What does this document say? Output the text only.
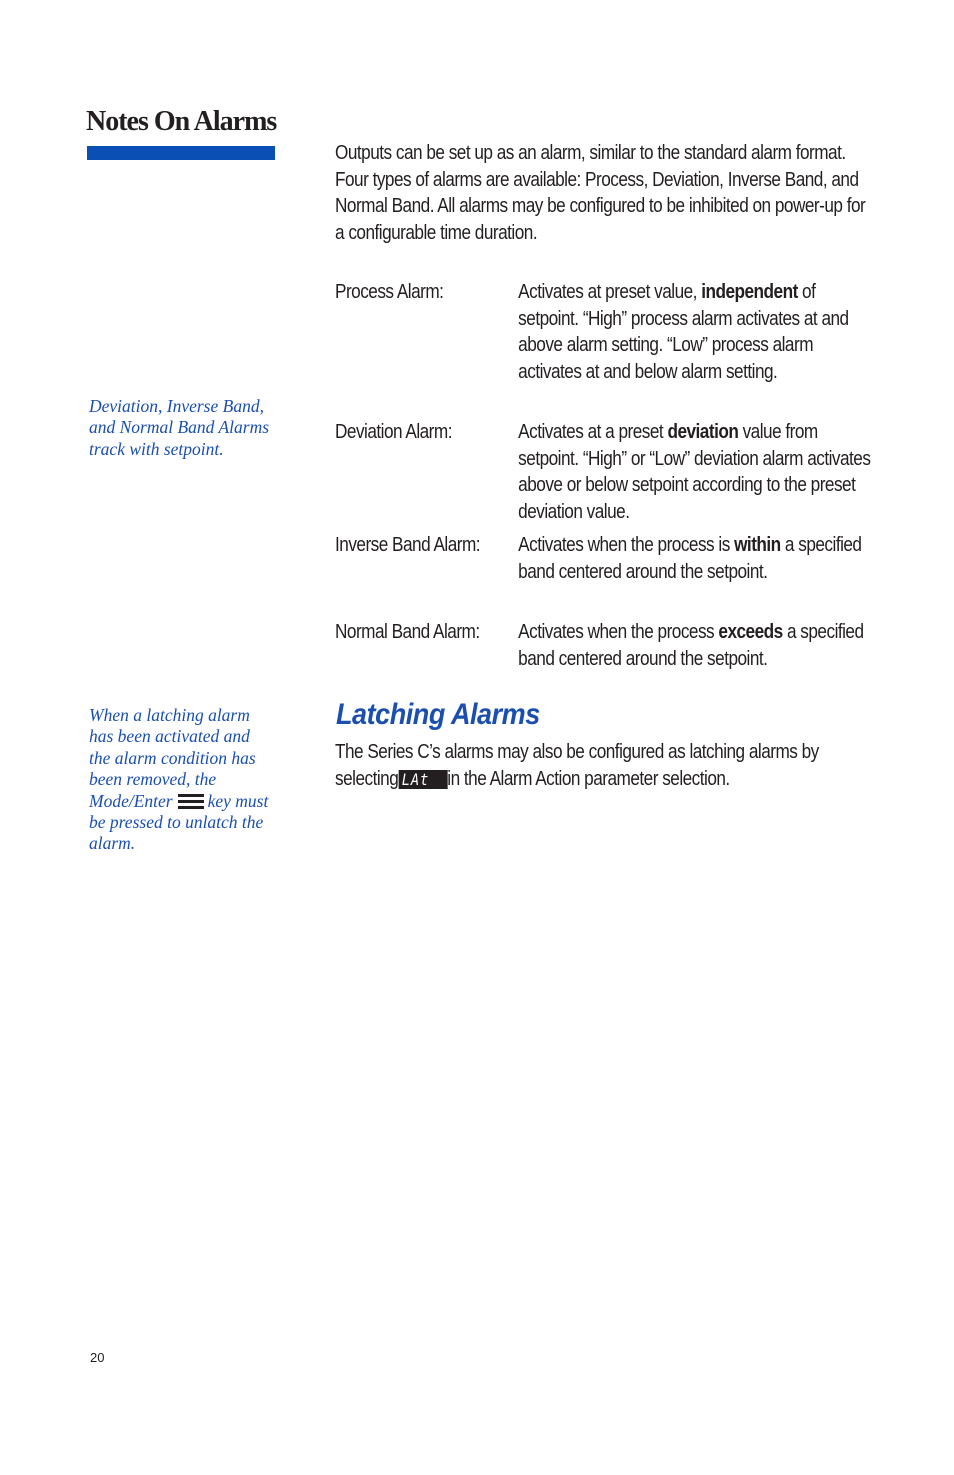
Notes On Alarms

Deviation, Inverse Band, and Normal Band Alarms track with setpoint.

When a latching alarm has been activated and the alarm condition has been removed, the Mode/Enter key must be pressed to unlatch the alarm.

Outputs can be set up as an alarm, similar to the standard alarm format. Four types of alarms are available: Process, Deviation, Inverse Band, and Normal Band. All alarms may be configured to be inhibited on power-up for a configurable time duration.

Process Alarm:	Activates at preset value, independent of setpoint. “High” process alarm activates at and above alarm setting. “Low” process alarm activates at and below alarm setting.
Deviation Alarm:	Activates at a preset deviation value from setpoint. “High” or “Low” deviation alarm activates above or below setpoint according to the preset deviation value.
Inverse Band Alarm: Activates when the process is within a specified band centered around the setpoint.
Normal Band Alarm: Activates when the process exceeds a specified band centered around the setpoint.
Latching Alarms

The Series C’s alarms may also be configured as latching alarms by selecting LAt in the Alarm Action parameter selection.

20
